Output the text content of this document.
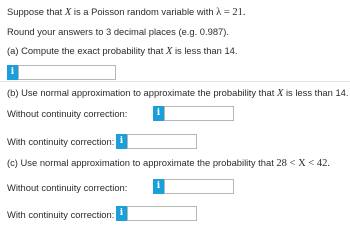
Suppose that X is a Poisson random variable with λ = 21.
Round your answers to 3 decimal places (e.g. 0.987).
(a) Compute the exact probability that X is less than 14.
i
(b) Use normal approximation to approximate the probability that X is less than 14.
Without continuity correction:	i
With continuity correction: i
(c) Use normal approximation to approximate the probability that 28 < X < 42.
Without continuity correction:	i
With continuity correction: i
